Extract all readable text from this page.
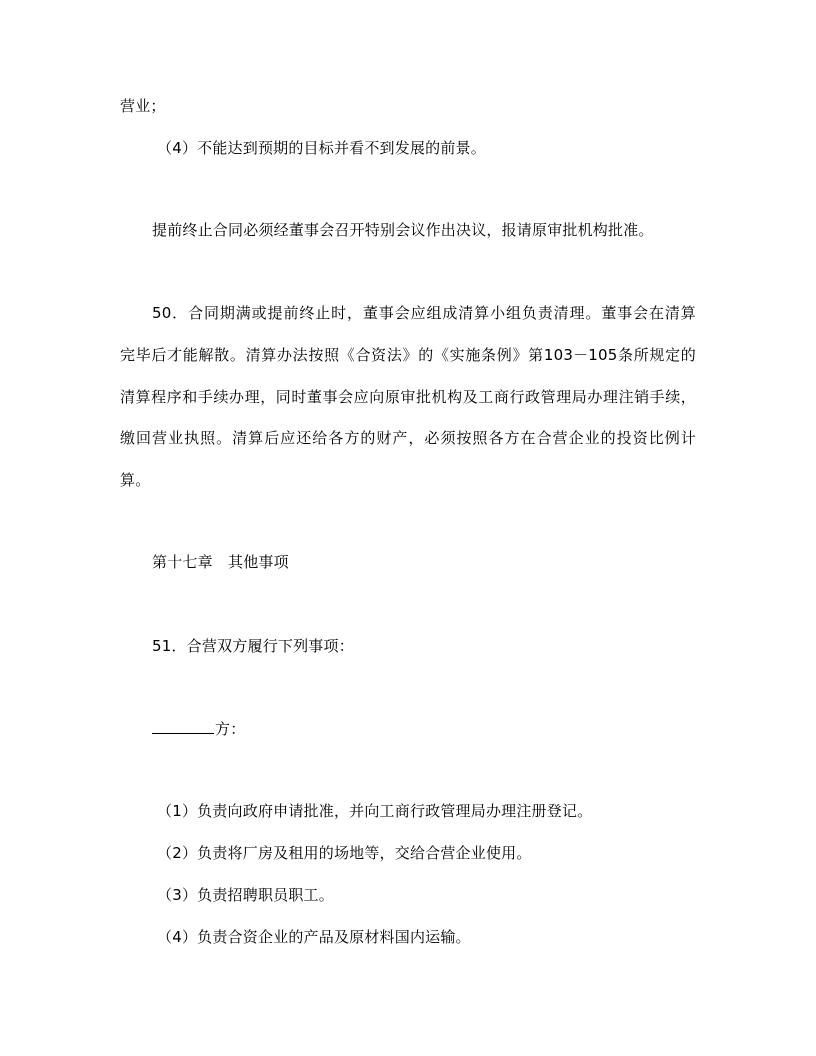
营业；
（4）不能达到预期的目标并看不到发展的前景。
提前终止合同必须经董事会召开特别会议作出决议，报请原审批机构批准。
50．合同期满或提前终止时，董事会应组成清算小组负责清理。董事会在清算
完毕后才能解散。清算办法按照《合资法》的《实施条例》第103－105条所规定的
清算程序和手续办理，同时董事会应向原审批机构及工商行政管理局办理注销手续，
缴回营业执照。清算后应还给各方的财产，必须按照各方在合营企业的投资比例计
算。
第十七章　其他事项
51．合营双方履行下列事项：
方：
（1）负责向政府申请批准，并向工商行政管理局办理注册登记。
（2）负责将厂房及租用的场地等，交给合营企业使用。
（3）负责招聘职员职工。
（4）负责合资企业的产品及原材料国内运输。
